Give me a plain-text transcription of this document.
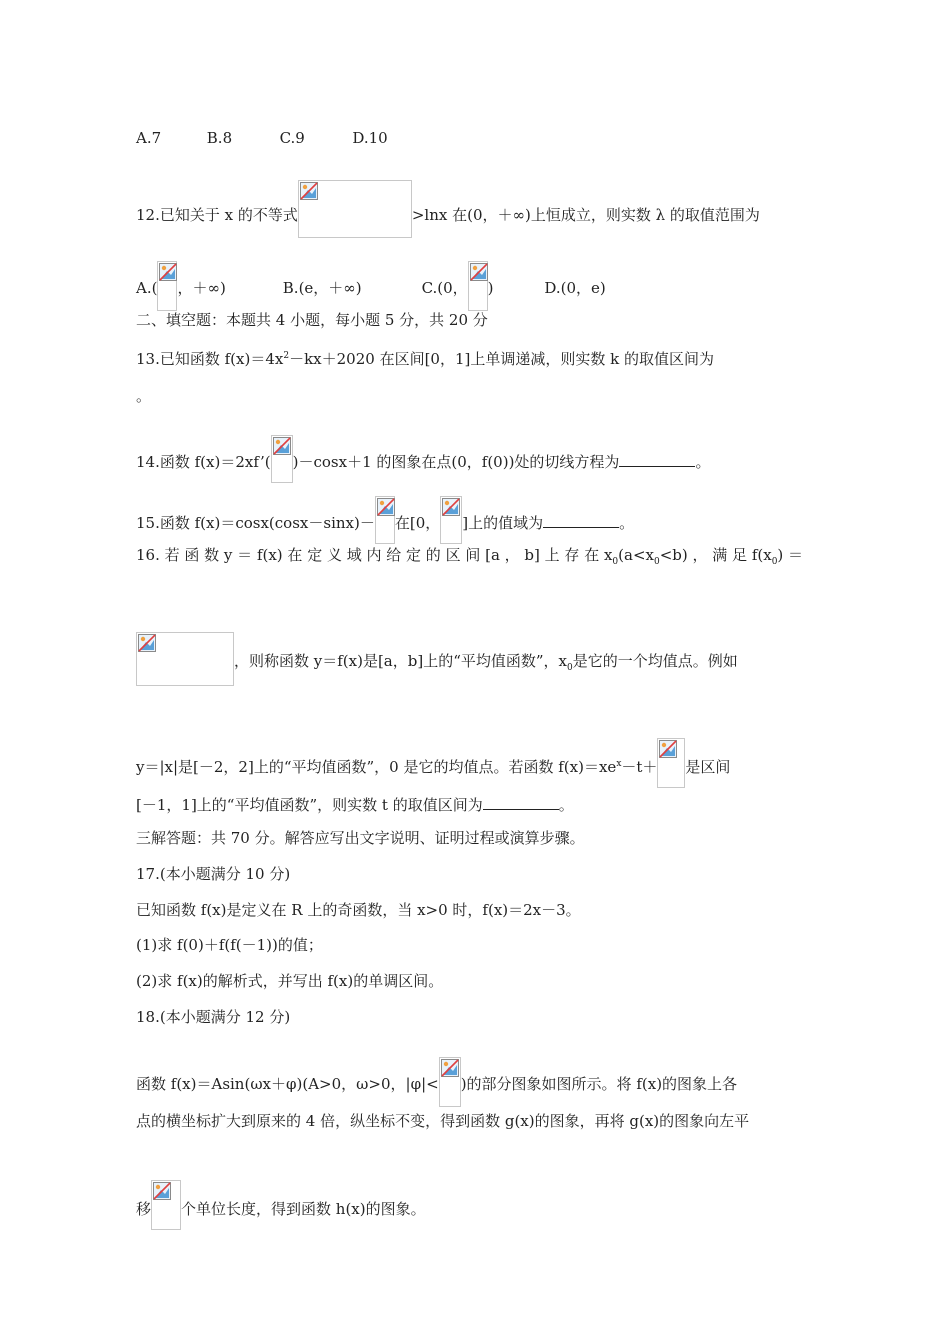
A.7	B.8	C.9	D.10
12.已知关于 x 的不等式	>lnx 在(0，＋∞)上恒成立，则实数 λ 的取值范围为
A.( ，＋∞)	B.(e，＋∞)	C.(0， )	D.(0，e)
二、填空题：本题共 4 小题，每小题 5 分，共 20 分
13.已知函数 $f(x)=4x^2-kx+2020$ 在区间[0，1]上单调递减，则实数 k 的取值区间为
。
14.函数 f(x)＝2xf’( )－cosx＋1 的图象在点(0，f(0))处的切线方程为	。
15.函数 f(x)＝cosx(cosx－sinx)－ 在[0， ]上的值域为	。
16. 若 函 数 y ＝ f(x) 在 定 义 域 内 给 定 的 区 间 [a ， b] 上 存 在 $x_0(a<x_0<b)$ ， 满 足 $f(x_0)$ ＝
，则称函数 y＝f(x)是[a，b]上的“平均值函数”，$x_0$是它的一个均值点。例如
y＝|x|是[－2，2]上的“平均值函数”，0 是它的均值点。若函数 $f(x)=xe^x-t+$ 是区间
[－1，1]上的“平均值函数”，则实数 t 的取值区间为	。
三解答题：共 70 分。解答应写出文字说明、证明过程或演算步骤。
17.(本小题满分 10 分)
已知函数 f(x)是定义在 R 上的奇函数，当 x>0 时，f(x)＝2x－3。
(1)求 f(0)＋f(f(－1))的值；
(2)求 f(x)的解析式，并写出 f(x)的单调区间。
18.(本小题满分 12 分)
函数 f(x)＝Asin(ωx＋φ)(A>0，ω>0，|φ|< )的部分图象如图所示。将 f(x)的图象上各
点的横坐标扩大到原来的 4 倍，纵坐标不变，得到函数 g(x)的图象，再将 g(x)的图象向左平
移 个单位长度，得到函数 h(x)的图象。
